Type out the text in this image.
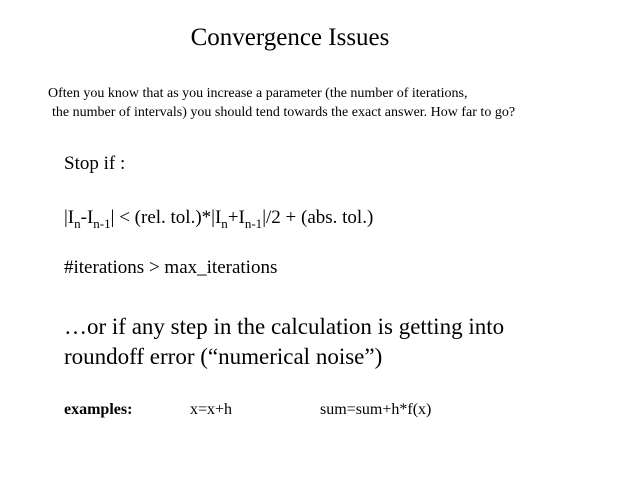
Convergence Issues
Often you know that as you increase a parameter (the number of iterations,
the number of intervals) you should tend towards the exact answer. How far to go?
Stop if :
$|I_n-I_{n-1}| < (rel$. $tol.)*|I_n+I_{n-1}|/2 + (abs$. tol.)
#iterations > max_iterations
…or if any step in the calculation is getting into
roundoff error (“numerical noise”)
examples:	x=x+h	sum=sum+h*f(x)
